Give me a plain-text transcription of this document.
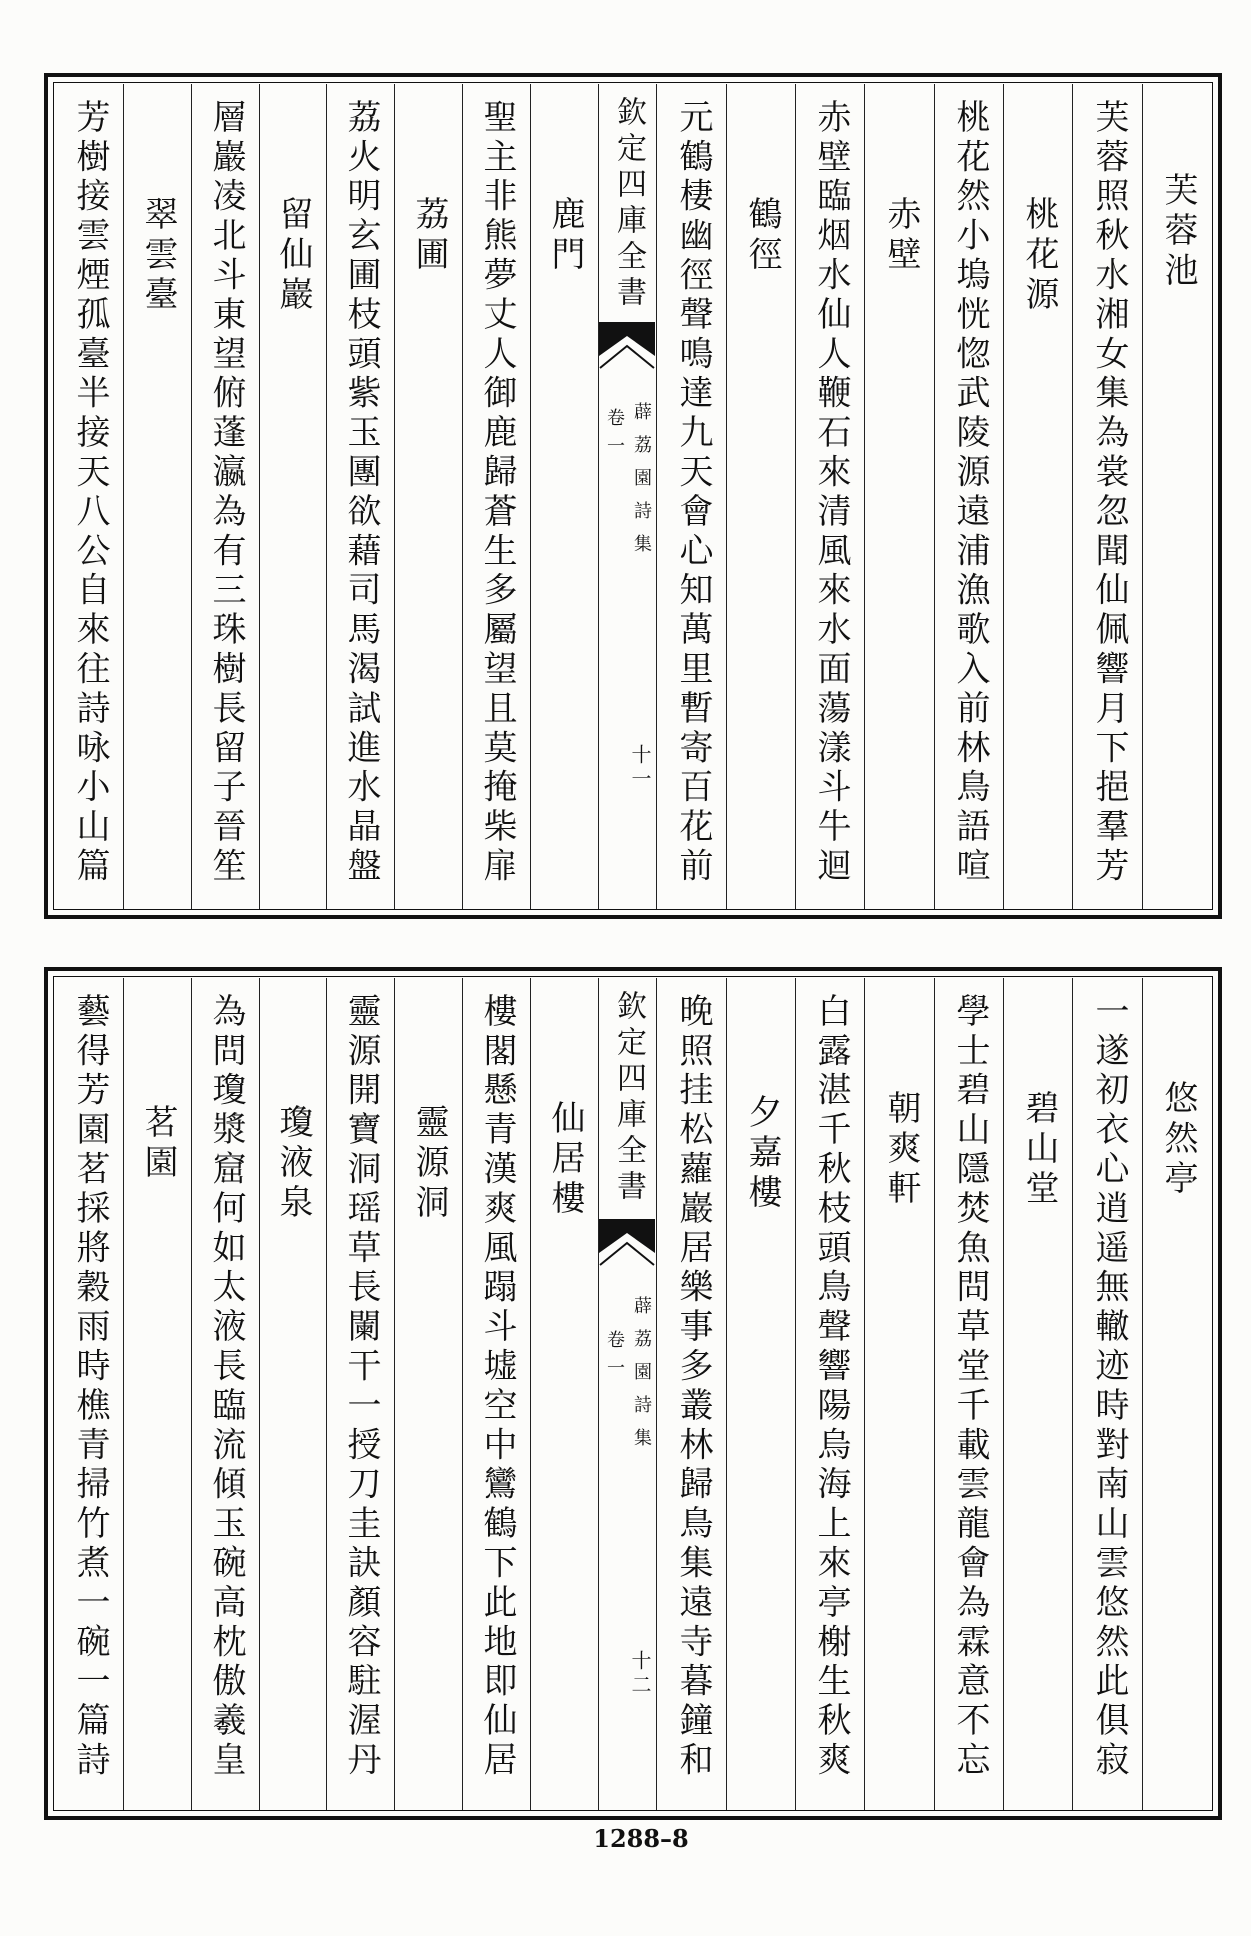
芙蓉池
芙蓉照秋水湘女集為裳忽聞仙佩響月下挹羣芳
桃花源
桃花然小塢恍惚武陵源遠浦漁歌入前林鳥語喧
赤壁
赤壁臨烟水仙人鞭石來清風來水面蕩漾斗牛迴
鶴徑
元鶴棲幽徑聲鳴達九天會心知萬里暫寄百花前
欽定四庫全書
薜荔園詩集
卷一
十一
鹿門
聖主非熊夢丈人御鹿歸蒼生多屬望且莫掩柴扉
荔圃
荔火明玄圃枝頭紫玉團欲藉司馬渴試進水晶盤
留仙巖
層巖凌北斗東望俯蓬瀛為有三珠樹長留子晉笙
翠雲臺
芳樹接雲煙孤臺半接天八公自來往詩咏小山篇
悠然亭
一遂初衣心逍遥無轍迹時對南山雲悠然此俱寂
碧山堂
學士碧山隱焚魚問草堂千載雲龍會為霖意不忘
朝爽軒
白露湛千秋枝頭鳥聲響陽烏海上來亭榭生秋爽
夕嘉樓
晚照挂松蘿巖居樂事多叢林歸鳥集遠寺暮鐘和
欽定四庫全書
薜荔園詩集
卷一
十二
仙居樓
樓閣懸青漢爽風蹋斗墟空中鸞鶴下此地即仙居
靈源洞
靈源開寶洞瑶草長闌干一授刀圭訣顏容駐渥丹
瓊液泉
為問瓊漿窟何如太液長臨流傾玉碗高枕傲羲皇
茗園
藝得芳園茗採將穀雨時樵青掃竹煮一碗一篇詩
1288–8
